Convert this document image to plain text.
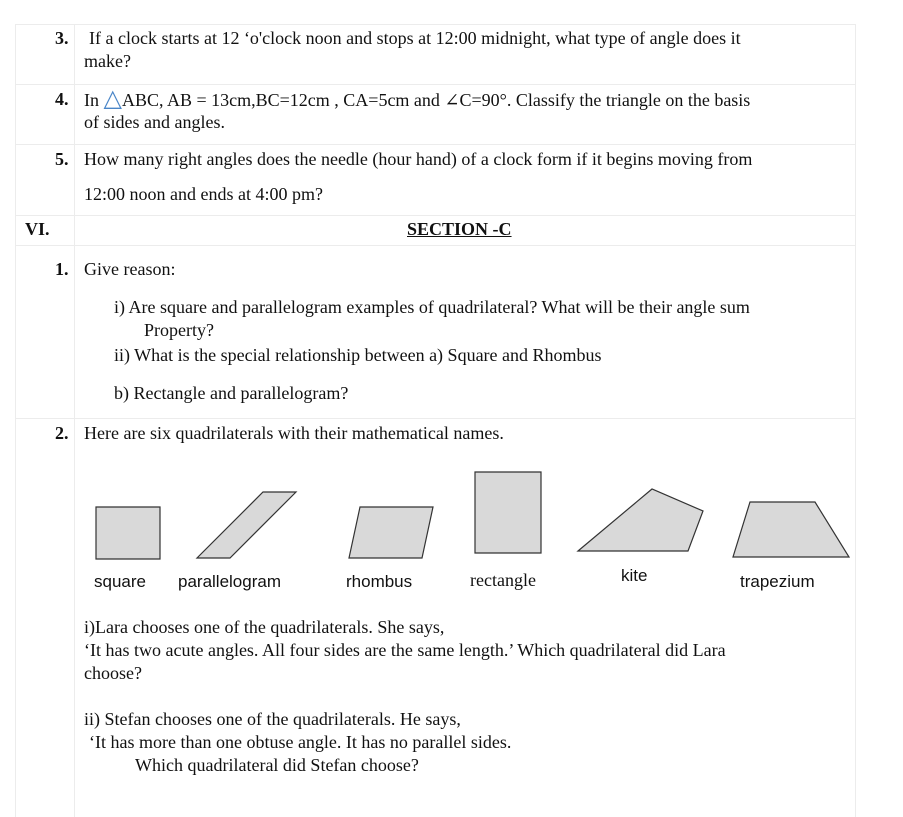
3. If a clock starts at 12 ‘o'clock noon and stops at 12:00 midnight, what type of angle does it
make?
4. In △ABC, AB = 13cm,BC=12cm , CA=5cm and ∠C=90°. Classify the triangle on the basis
of sides and angles.
5. How many right angles does the needle (hour hand) of a clock form if it begins moving from
12:00 noon and ends at 4:00 pm?
VI.	SECTION -C
1. Give reason:
i) Are square and parallelogram examples of quadrilateral? What will be their angle sum
Property?
ii) What is the special relationship between a) Square and Rhombus
b) Rectangle and parallelogram?
2. Here are six quadrilaterals with their mathematical names.
square parallelogram	rhombus	rectangle	kite	trapezium
i)Lara chooses one of the quadrilaterals. She says,
‘It has two acute angles. All four sides are the same length.’ Which quadrilateral did Lara
choose?
ii) Stefan chooses one of the quadrilaterals. He says,
‘It has more than one obtuse angle. It has no parallel sides.
Which quadrilateral did Stefan choose?
